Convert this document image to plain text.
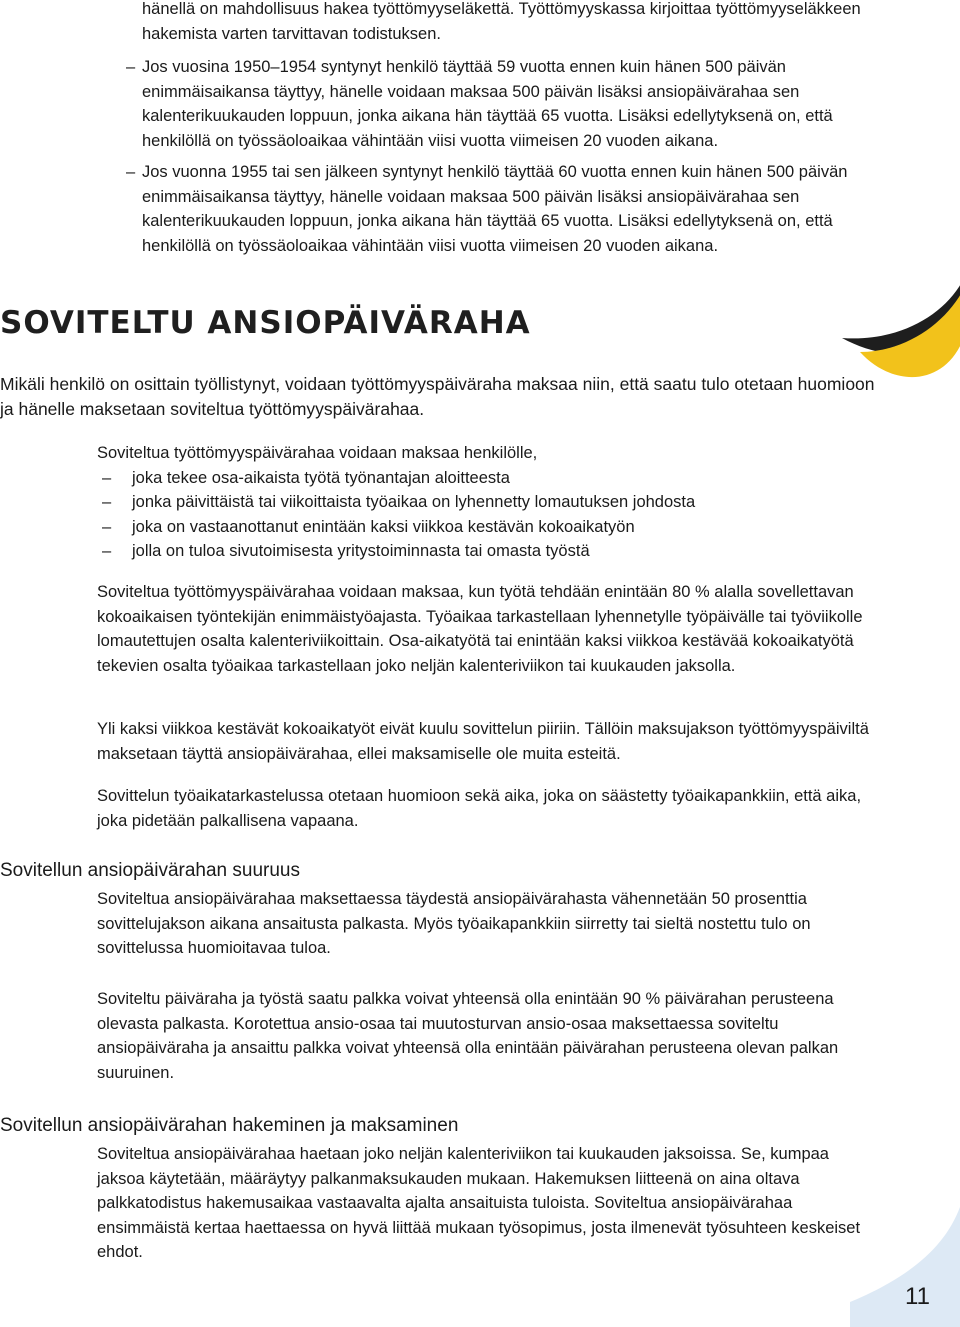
hänellä on mahdollisuus hakea työttömyyseläkettä. Työttömyyskassa kirjoittaa työttömyyseläkkeen hakemista varten tarvittavan todistuksen.
– Jos vuosina 1950–1954 syntynyt henkilö täyttää 59 vuotta ennen kuin hänen 500 päivän enimmäisaikansa täyttyy, hänelle voidaan maksaa 500 päivän lisäksi ansiopäivärahaa sen kalenterikuukauden loppuun, jonka aikana hän täyttää 65 vuotta. Lisäksi edellytyksenä on, että henkilöllä on työssäoloaikaa vähintään viisi vuotta viimeisen 20 vuoden aikana.
– Jos vuonna 1955 tai sen jälkeen syntynyt henkilö täyttää 60 vuotta ennen kuin hänen 500 päivän enimmäisaikansa täyttyy, hänelle voidaan maksaa 500 päivän lisäksi ansiopäivärahaa sen kalenterikuukauden loppuun, jonka aikana hän täyttää 65 vuotta. Lisäksi edellytyksenä on, että henkilöllä on työssäoloaikaa vähintään viisi vuotta viimeisen 20 vuoden aikana.
SOVITELTU ANSIOPÄIVÄRAHA
Mikäli henkilö on osittain työllistynyt, voidaan työttömyyspäiväraha maksaa niin, että saatu tulo otetaan huomioon ja hänelle maksetaan soviteltua työttömyyspäivärahaa.

Soviteltua työttömyyspäivärahaa voidaan maksaa henkilölle,

– joka tekee osa-aikaista työtä työnantajan aloitteesta
– jonka päivittäistä tai viikoittaista työaikaa on lyhennetty lomautuksen johdosta
– joka on vastaanottanut enintään kaksi viikkoa kestävän kokoaikatyön
– jolla on tuloa sivutoimisesta yritystoiminnasta tai omasta työstä
Soviteltua työttömyyspäivärahaa voidaan maksaa, kun työtä tehdään enintään 80 % alalla sovellettavan kokoaikaisen työntekijän enimmäistyöajasta. Työaikaa tarkastellaan lyhennetylle työpäivälle tai työviikolle lomautettujen osalta kalenteriviikoittain. Osa-aikatyötä tai enintään kaksi viikkoa kestävää kokoaikatyötä tekevien osalta työaikaa tarkastellaan joko neljän kalenteriviikon tai kuukauden jaksolla.
Yli kaksi viikkoa kestävät kokoaikatyöt eivät kuulu sovittelun piiriin. Tällöin maksujakson työttömyyspäiviltä maksetaan täyttä ansiopäivärahaa, ellei maksamiselle ole muita esteitä.
Sovittelun työaikatarkastelussa otetaan huomioon sekä aika, joka on säästetty työaikapankkiin, että aika, joka pidetään palkallisena vapaana.
Sovitellun ansiopäivärahan suuruus
Soviteltua ansiopäivärahaa maksettaessa täydestä ansiopäivärahasta vähennetään 50 prosenttia sovittelujakson aikana ansaitusta palkasta. Myös työaikapankkiin siirretty tai sieltä nostettu tulo on sovittelussa huomioitavaa tuloa.
Soviteltu päiväraha ja työstä saatu palkka voivat yhteensä olla enintään 90 % päivärahan perusteena olevasta palkasta. Korotettua ansio-osaa tai muutosturvan ansio-osaa maksettaessa soviteltu ansiopäiväraha ja ansaittu palkka voivat yhteensä olla enintään päivärahan perusteena olevan palkan suuruinen.
Sovitellun ansiopäivärahan hakeminen ja maksaminen
Soviteltua ansiopäivärahaa haetaan joko neljän kalenteriviikon tai kuukauden jaksoissa. Se, kumpaa jaksoa käytetään, määräytyy palkanmaksukauden mukaan. Hakemuksen liitteenä on aina oltava palkkatodistus hakemusaikaa vastaavalta ajalta ansaituista tuloista. Soviteltua ansiopäivärahaa ensimmäistä kertaa haettaessa on hyvä liittää mukaan työsopimus, josta ilmenevät työsuhteen keskeiset ehdot.
11
